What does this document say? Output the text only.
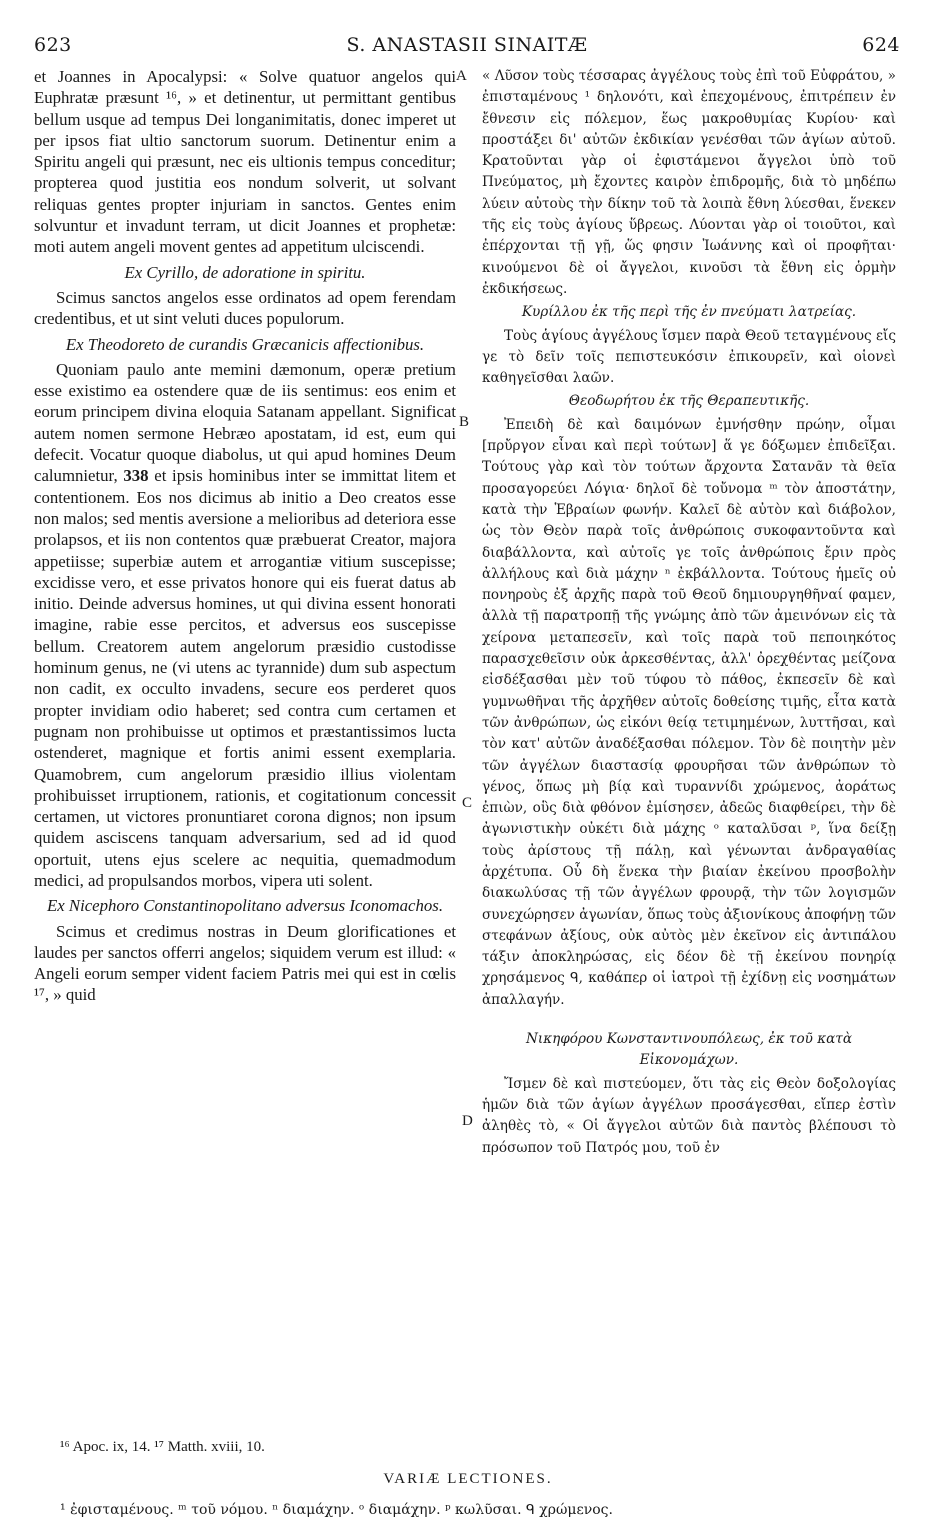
623	S. ANASTASII SINAITÆ	624

et Joannes in Apocalypsi: « Solve quatuor angelos qui Euphratæ præsunt ¹⁶, » et detinentur, ut permittant gentibus bellum usque ad tempus Dei longanimitatis, donec imperet ut per ipsos fiat ultio sanctorum suorum. Detinentur enim a Spiritu angeli qui præsunt, nec eis ultionis tempus conceditur; propterea quod justitia eos nondum solverit, ut solvant reliquas gentes propter injuriam in sanctos. Gentes enim solvuntur et invadunt terram, ut dicit Joannes et prophetæ: moti autem angeli movent gentes ad appetitum ulciscendi.

Ex Cyrillo, de adoratione in spiritu.

Scimus sanctos angelos esse ordinatos ad opem ferendam credentibus, et ut sint veluti duces populorum.

Ex Theodoreto de curandis Græcanicis affectionibus.

Quoniam paulo ante memini dæmonum, operæ pretium esse existimo ea ostendere quæ de iis sentimus: eos enim et eorum principem divina eloquia Satanam appellant. Significat autem nomen sermone Hebræo apostatam, id est, eum qui defecit. Vocatur quoque diabolus, ut qui apud homines Deum calumnietur, 338 et ipsis hominibus inter se immittat litem et contentionem. Eos nos dicimus ab initio a Deo creatos esse non malos; sed mentis aversione a melioribus ad deteriora esse prolapsos, et iis non contentos quæ præbuerat Creator, majora appetiisse; superbiæ autem et arrogantiæ vitium suscepisse; excidisse vero, et esse privatos honore qui eis fuerat datus ab initio. Deinde adversus homines, ut qui divina essent honorati imagine, rabie esse percitos, et adversus eos suscepisse bellum. Creatorem autem angelorum præsidio custodisse hominum genus, ne (vi utens ac tyrannide) dum sub aspectum non cadit, ex occulto invadens, secure eos perderet quos propter invidiam odio haberet; sed contra cum certamen et pugnam non prohibuisse ut optimos et præstantissimos lucta ostenderet, magnique et fortis animi essent exemplaria. Quamobrem, cum angelorum præsidio illius violentam prohibuisset irruptionem, rationis, et cogitationum concessit certamen, ut victores pronuntiaret corona dignos; non ipsum quidem asciscens tanquam adversarium, sed ad id quod oportuit, utens ejus scelere ac nequitia, quemadmodum medici, ad propulsandos morbos, vipera uti solent.

Ex Nicephoro Constantinopolitano adversus Iconomachos.

Scimus et credimus nostras in Deum glorificationes et laudes per sanctos offerri angelos; siquidem verum est illud: « Angeli eorum semper vident faciem Patris mei qui est in cœlis ¹⁷, » quid

A
B
C
D

« Λῦσον τοὺς τέσσαρας ἀγγέλους τοὺς ἐπὶ τοῦ Εὐφράτου, » ἐπισταμένους ¹ δηλονότι, καὶ ἐπεχομένους, ἐπιτρέπειν ἐν ἔθνεσιν εἰς πόλεμον, ἕως μακροθυμίας Κυρίου· καὶ προστάξει δι' αὐτῶν ἐκδικίαν γενέσθαι τῶν ἁγίων αὐτοῦ. Κρατοῦνται γὰρ οἱ ἐφιστάμενοι ἄγγελοι ὑπὸ τοῦ Πνεύματος, μὴ ἔχοντες καιρὸν ἐπιδρομῆς, διὰ τὸ μηδέπω λύειν αὐτοὺς τὴν δίκην τοῦ τὰ λοιπὰ ἔθνη λύεσθαι, ἕνεκεν τῆς εἰς τοὺς ἁγίους ὕβρεως. Λύονται γὰρ οἱ τοιοῦτοι, καὶ ἐπέρχονται τῇ γῇ, ὥς φησιν Ἰωάννης καὶ οἱ προφῆται· κινούμενοι δὲ οἱ ἄγγελοι, κινοῦσι τὰ ἔθνη εἰς ὁρμὴν ἐκδικήσεως.

Κυρίλλου ἐκ τῆς περὶ τῆς ἐν πνεύματι λατρείας.

Τοὺς ἁγίους ἀγγέλους ἴσμεν παρὰ Θεοῦ τεταγμένους εἴς γε τὸ δεῖν τοῖς πεπιστευκόσιν ἐπικουρεῖν, καὶ οἱονεὶ καθηγεῖσθαι λαῶν.

Θεοδωρήτου ἐκ τῆς Θεραπευτικῆς.

Ἐπειδὴ δὲ καὶ δαιμόνων ἐμνήσθην πρώην, οἶμαι [πρὔργον εἶναι καὶ περὶ τούτων] ἅ γε δόξωμεν ἐπιδεῖξαι. Τούτους γὰρ καὶ τὸν τούτων ἄρχοντα Σατανᾶν τὰ θεῖα προσαγορεύει Λόγια· δηλοῖ δὲ τοὔνομα ᵐ τὸν ἀποστάτην, κατὰ τὴν Ἑβραίων φωνήν. Καλεῖ δὲ αὐτὸν καὶ διάβολον, ὡς τὸν Θεὸν παρὰ τοῖς ἀνθρώποις συκοφαντοῦντα καὶ διαβάλλοντα, καὶ αὐτοῖς γε τοῖς ἀνθρώποις ἔριν πρὸς ἀλλήλους καὶ διὰ μάχην ⁿ ἐκβάλλοντα. Τούτους ἡμεῖς οὐ πονηροὺς ἐξ ἀρχῆς παρὰ τοῦ Θεοῦ δημιουργηθῆναί φαμεν, ἀλλὰ τῇ παρατροπῇ τῆς γνώμης ἀπὸ τῶν ἀμεινόνων εἰς τὰ χείρονα μεταπεσεῖν, καὶ τοῖς παρὰ τοῦ πεποιηκότος παρασχεθεῖσιν οὐκ ἀρκεσθέντας, ἀλλ' ὀρεχθέντας μείζονα εἰσδέξασθαι μὲν τοῦ τύφου τὸ πάθος, ἐκπεσεῖν δὲ καὶ γυμνωθῆναι τῆς ἀρχῆθεν αὐτοῖς δοθείσης τιμῆς, εἶτα κατὰ τῶν ἀνθρώπων, ὡς εἰκόνι θείᾳ τετιμημένων, λυττῆσαι, καὶ τὸν κατ' αὐτῶν ἀναδέξασθαι πόλεμον. Τὸν δὲ ποιητὴν μὲν τῶν ἀγγέλων διαστασίᾳ φρουρῆσαι τῶν ἀνθρώπων τὸ γένος, ὅπως μὴ βίᾳ καὶ τυραννίδι χρώμενος, ἀοράτως ἐπιὼν, οὓς διὰ φθόνον ἐμίσησεν, ἀδεῶς διαφθείρει, τὴν δὲ ἀγωνιστικὴν οὐκέτι διὰ μάχης ᵒ καταλῦσαι ᵖ, ἵνα δείξῃ τοὺς ἀρίστους τῇ πάλῃ, καὶ γένωνται ἀνδραγαθίας ἀρχέτυπα. Οὗ δὴ ἕνεκα τὴν βιαίαν ἐκείνου προσβολὴν διακωλύσας τῇ τῶν ἀγγέλων φρουρᾷ, τὴν τῶν λογισμῶν συνεχώρησεν ἀγωνίαν, ὅπως τοὺς ἀξιονίκους ἀποφήνῃ τῶν στεφάνων ἀξίους, οὐκ αὐτὸς μὲν ἐκεῖνον εἰς ἀντιπάλου τάξιν ἀποκληρώσας, εἰς δέον δὲ τῇ ἐκείνου πονηρίᾳ χρησάμενος ᑫ, καθάπερ οἱ ἰατροὶ τῇ ἐχίδνῃ εἰς νοσημάτων ἀπαλλαγήν.

Νικηφόρου Κωνσταντινουπόλεως, ἐκ τοῦ κατὰ Εἰκονομάχων.

Ἴσμεν δὲ καὶ πιστεύομεν, ὅτι τὰς εἰς Θεὸν δοξολογίας ἡμῶν διὰ τῶν ἁγίων ἀγγέλων προσάγεσθαι, εἴπερ ἐστὶν ἀληθὲς τὸ, « Οἱ ἄγγελοι αὐτῶν διὰ παντὸς βλέπουσι τὸ πρόσωπον τοῦ Πατρός μου, τοῦ ἐν

¹⁶ Apoc. ix, 14. ¹⁷ Matth. xviii, 10.
VARIÆ LECTIONES.
¹ ἐφισταμένους. ᵐ τοῦ νόμου. ⁿ διαμάχην. ᵒ διαμάχην. ᵖ κωλῦσαι. ᑫ χρώμενος.
